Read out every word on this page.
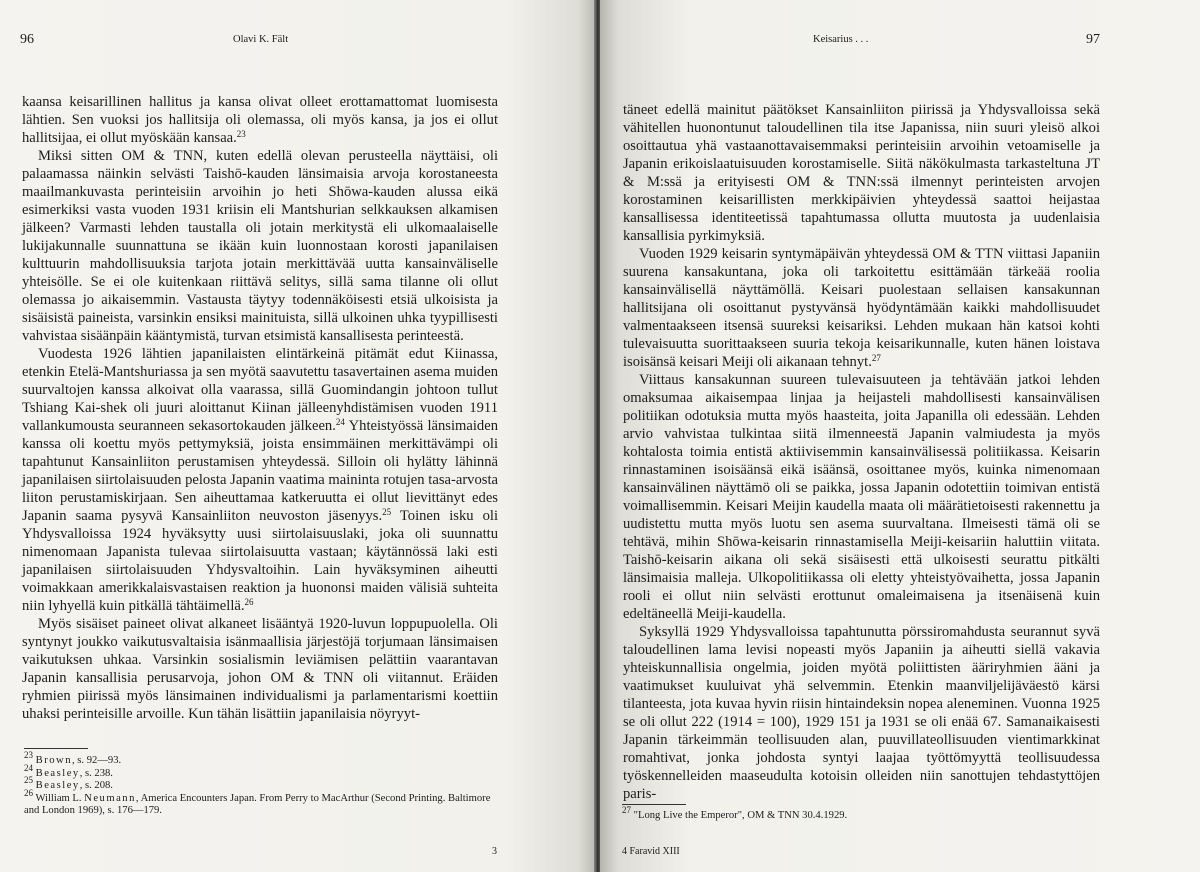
96	Olavi K. Fält

kaansa keisarillinen hallitus ja kansa olivat olleet erottamattomat luomisesta lähtien. Sen vuoksi jos hallitsija oli olemassa, oli myös kansa, ja jos ei ollut hallitsijaa, ei ollut myöskään kansaa.$^{23}$

Miksi sitten OM & TNN, kuten edellä olevan perusteella näyttäisi, oli palaamassa näinkin selvästi Taishō-kauden länsimaisia arvoja korostaneesta maailmankuvasta perinteisiin arvoihin jo heti Shōwa-kauden alussa eikä esimerkiksi vasta vuoden 1931 kriisin eli Mantshurian selkkauksen alkamisen jälkeen? Varmasti lehden taustalla oli jotain merkitystä eli ulkomaalaiselle lukijakunnalle suunnattuna se ikään kuin luonnostaan korosti japanilaisen kulttuurin mahdollisuuksia tarjota jotain merkittävää uutta kansainväliselle yhteisölle. Se ei ole kuitenkaan riittävä selitys, sillä sama tilanne oli ollut olemassa jo aikaisemmin. Vastausta täytyy todennäköisesti etsiä ulkoisista ja sisäisistä paineista, varsinkin ensiksi mainituista, sillä ulkoinen uhka tyypillisesti vahvistaa sisäänpäin kääntymistä, turvan etsimistä kansallisesta perinteestä.

Vuodesta 1926 lähtien japanilaisten elintärkeinä pitämät edut Kiinassa, etenkin Etelä-Mantshuriassa ja sen myötä saavutettu tasavertainen asema muiden suurvaltojen kanssa alkoivat olla vaarassa, sillä Guomindangin johtoon tullut Tshiang Kai-shek oli juuri aloittanut Kiinan jälleenyhdistämisen vuoden 1911 vallankumousta seuranneen sekasortokauden jälkeen.$^{24}$ Yhteistyössä länsimaiden kanssa oli koettu myös pettymyksiä, joista ensimmäinen merkittävämpi oli tapahtunut Kansainliiton perustamisen yhteydessä. Silloin oli hylätty lähinnä japanilaisen siirtolaisuuden pelosta Japanin vaatima maininta rotujen tasa-arvosta liiton perustamiskirjaan. Sen aiheuttamaa katkeruutta ei ollut lievittänyt edes Japanin saama pysyvä Kansainliiton neuvoston jäsenyys.$^{25}$ Toinen isku oli Yhdysvalloissa 1924 hyväksytty uusi siirtolaisuuslaki, joka oli suunnattu nimenomaan Japanista tulevaa siirtolaisuutta vastaan; käytännössä laki esti japanilaisen siirtolaisuuden Yhdysvaltoihin. Lain hyväksyminen aiheutti voimakkaan amerikkalaisvastaisen reaktion ja huononsi maiden välisiä suhteita niin lyhyellä kuin pitkällä tähtäimellä.$^{26}$

Myös sisäiset paineet olivat alkaneet lisääntyä 1920-luvun loppupuolella. Oli syntynyt joukko vaikutusvaltaisia isänmaallisia järjestöjä torjumaan länsimaisen vaikutuksen uhkaa. Varsinkin sosialismin leviämisen pelättiin vaarantavan Japanin kansallisia perusarvoja, johon OM & TNN oli viitannut. Eräiden ryhmien piirissä myös länsimainen individualismi ja parlamentarismi koettiin uhaksi perinteisille arvoille. Kun tähän lisättiin japanilaisia nöyryyt-

$^{23}$ Brown, s. 92—93.
$^{24}$ Beasley, s. 238.
$^{25}$ Beasley, s. 208.
$^{26}$ William L. Neumann, America Encounters Japan. From Perry to MacArthur (Second Printing. Baltimore and London 1969), s. 176—179.
3
Keisarius . . .	97

täneet edellä mainitut päätökset Kansainliiton piirissä ja Yhdysvalloissa sekä vähitellen huonontunut taloudellinen tila itse Japanissa, niin suuri yleisö alkoi osoittautua yhä vastaanottavaisemmaksi perinteisiin arvoihin vetoamiselle ja Japanin erikoislaatuisuuden korostamiselle. Siitä näkökulmasta tarkasteltuna JT & M:ssä ja erityisesti OM & TNN:ssä ilmennyt perinteisten arvojen korostaminen keisarillisten merkkipäivien yhteydessä saattoi heijastaa kansallisessa identiteetissä tapahtumassa ollutta muutosta ja uudenlaisia kansallisia pyrkimyksiä.

Vuoden 1929 keisarin syntymäpäivän yhteydessä OM & TTN viittasi Japaniin suurena kansakuntana, joka oli tarkoitettu esittämään tärkeää roolia kansainvälisellä näyttämöllä. Keisari puolestaan sellaisen kansakunnan hallitsijana oli osoittanut pystyvänsä hyödyntämään kaikki mahdollisuudet valmentaakseen itsensä suureksi keisariksi. Lehden mukaan hän katsoi kohti tulevaisuutta suorittaakseen suuria tekoja keisarikunnalle, kuten hänen loistava isoisänsä keisari Meiji oli aikanaan tehnyt.$^{27}$

Viittaus kansakunnan suureen tulevaisuuteen ja tehtävään jatkoi lehden omaksumaa aikaisempaa linjaa ja heijasteli mahdollisesti kansainvälisen politiikan odotuksia mutta myös haasteita, joita Japanilla oli edessään. Lehden arvio vahvistaa tulkintaa siitä ilmenneestä Japanin valmiudesta ja myös kohtalosta toimia entistä aktiivisemmin kansainvälisessä politiikassa. Keisarin rinnastaminen isoisäänsä eikä isäänsä, osoittanee myös, kuinka nimenomaan kansainvälinen näyttämö oli se paikka, jossa Japanin odotettiin toimivan entistä voimallisemmin. Keisari Meijin kaudella maata oli määrätietoisesti rakennettu ja uudistettu mutta myös luotu sen asema suurvaltana. Ilmeisesti tämä oli se tehtävä, mihin Shōwa-keisarin rinnastamisella Meiji-keisariin haluttiin viitata. Taishō-keisarin aikana oli sekä sisäisesti että ulkoisesti seurattu pitkälti länsimaisia malleja. Ulkopolitiikassa oli eletty yhteistyövaihetta, jossa Japanin rooli ei ollut niin selvästi erottunut omaleimaisena ja itsenäisenä kuin edeltäneellä Meiji-kaudella.

Syksyllä 1929 Yhdysvalloissa tapahtunutta pörssiromahdusta seurannut syvä taloudellinen lama levisi nopeasti myös Japaniin ja aiheutti siellä vakavia yhteiskunnallisia ongelmia, joiden myötä poliittisten ääriryhmien ääni ja vaatimukset kuuluivat yhä selvemmin. Etenkin maanviljelijäväestö kärsi tilanteesta, jota kuvaa hyvin riisin hintaindeksin nopea aleneminen. Vuonna 1925 se oli ollut 222 (1914 = 100), 1929 151 ja 1931 se oli enää 67. Samanaikaisesti Japanin tärkeimmän teollisuuden alan, puuvillateollisuuden vientimarkkinat romahtivat, jonka johdosta syntyi laajaa työttömyyttä teollisuudessa työskennelleiden maaseudulta kotoisin olleiden niin sanottujen tehdastyttöjen paris-

$^{27}$ "Long Live the Emperor", OM & TNN 30.4.1929.
4 Faravid XIII
